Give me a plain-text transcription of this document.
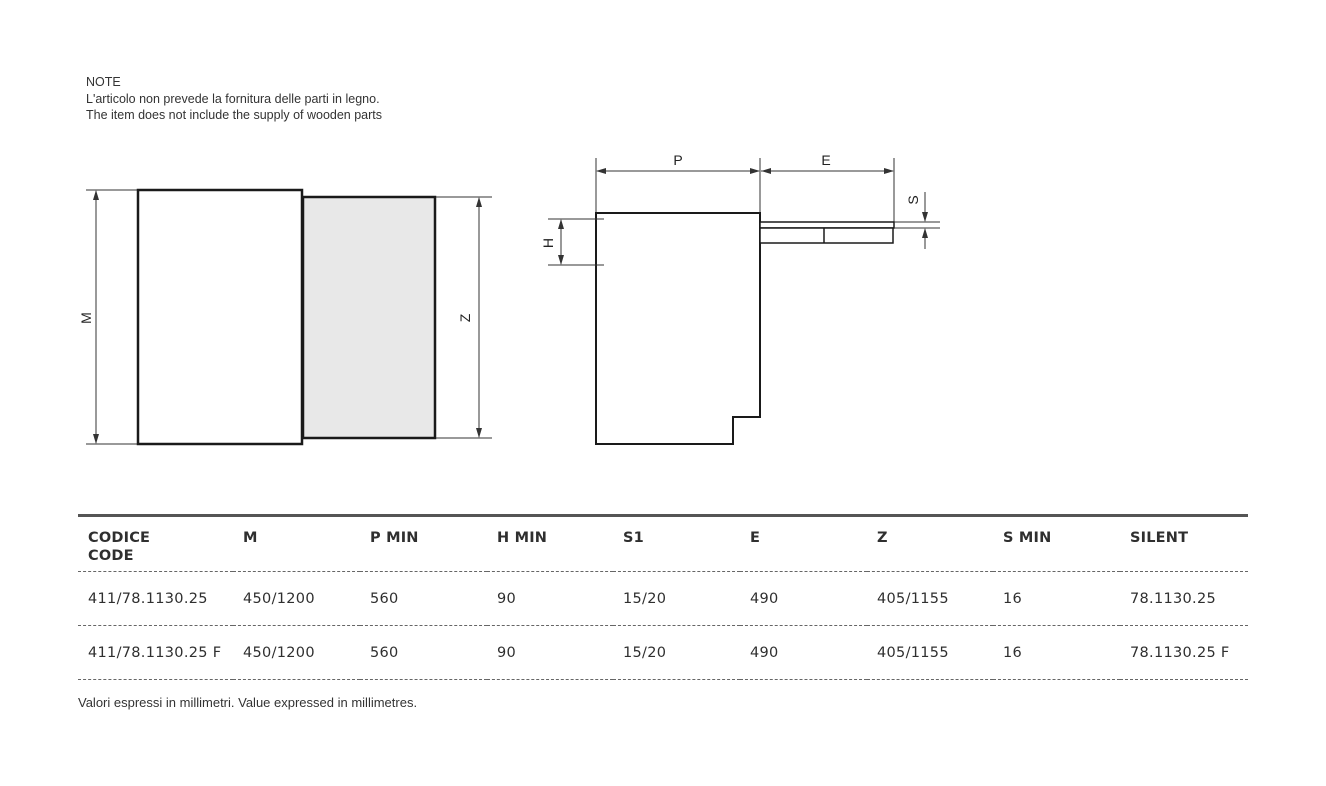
NOTE
L'articolo non prevede la fornitura delle parti in legno.
The item does not include the supply of wooden parts
M	Z
P	E
H
S
CODICE
CODE	M	P MIN	H MIN	S1	E	Z	S MIN	SILENT
411/78.1130.25	450/1200	560	90	15/20	490	405/1155	16	78.1130.25
411/78.1130.25 F	450/1200	560	90	15/20	490	405/1155	16	78.1130.25 F
Valori espressi in millimetri. Value expressed in millimetres.
